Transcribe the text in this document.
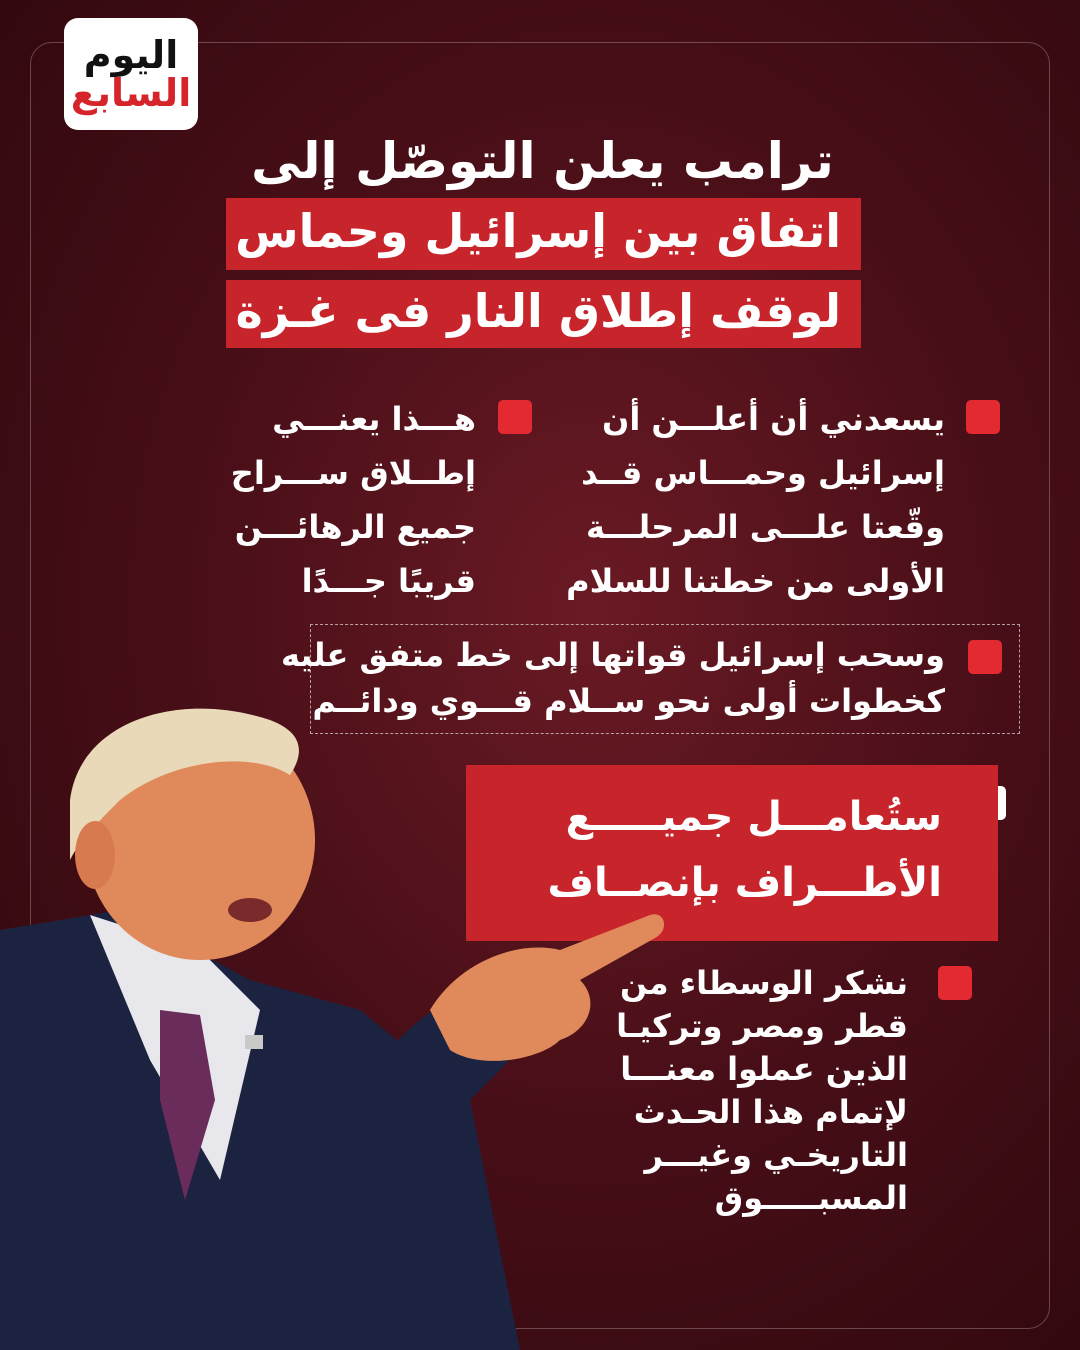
اليوم
السابع
ترامب يعلن التوصّل إلى
اتفاق بين إسرائيل وحماس
لوقف إطلاق النار فى غـزة
يسعدني أن أعلـــن أن
إسرائيل وحمـــاس قــد
وقّعتا علـــى المرحلـــة
الأولى من خطتنا للسلام
هـــذا يعنـــي
إطــلاق ســـراح
جميع الرهائـــن
قريبًا جـــدًا
وسحب إسرائيل قواتها إلى خط متفق عليه
كخطوات أولى نحو ســلام قـــوي ودائــم
ستُعامـــل جميـــــع
الأطـــراف بإنصــاف
نشكر الوسطاء من
قطر ومصر وتركيـا
الذين عملوا معنـــا
لإتمام هذا الحـدث
التاريخـي وغيـــر
المسبـــــوق
